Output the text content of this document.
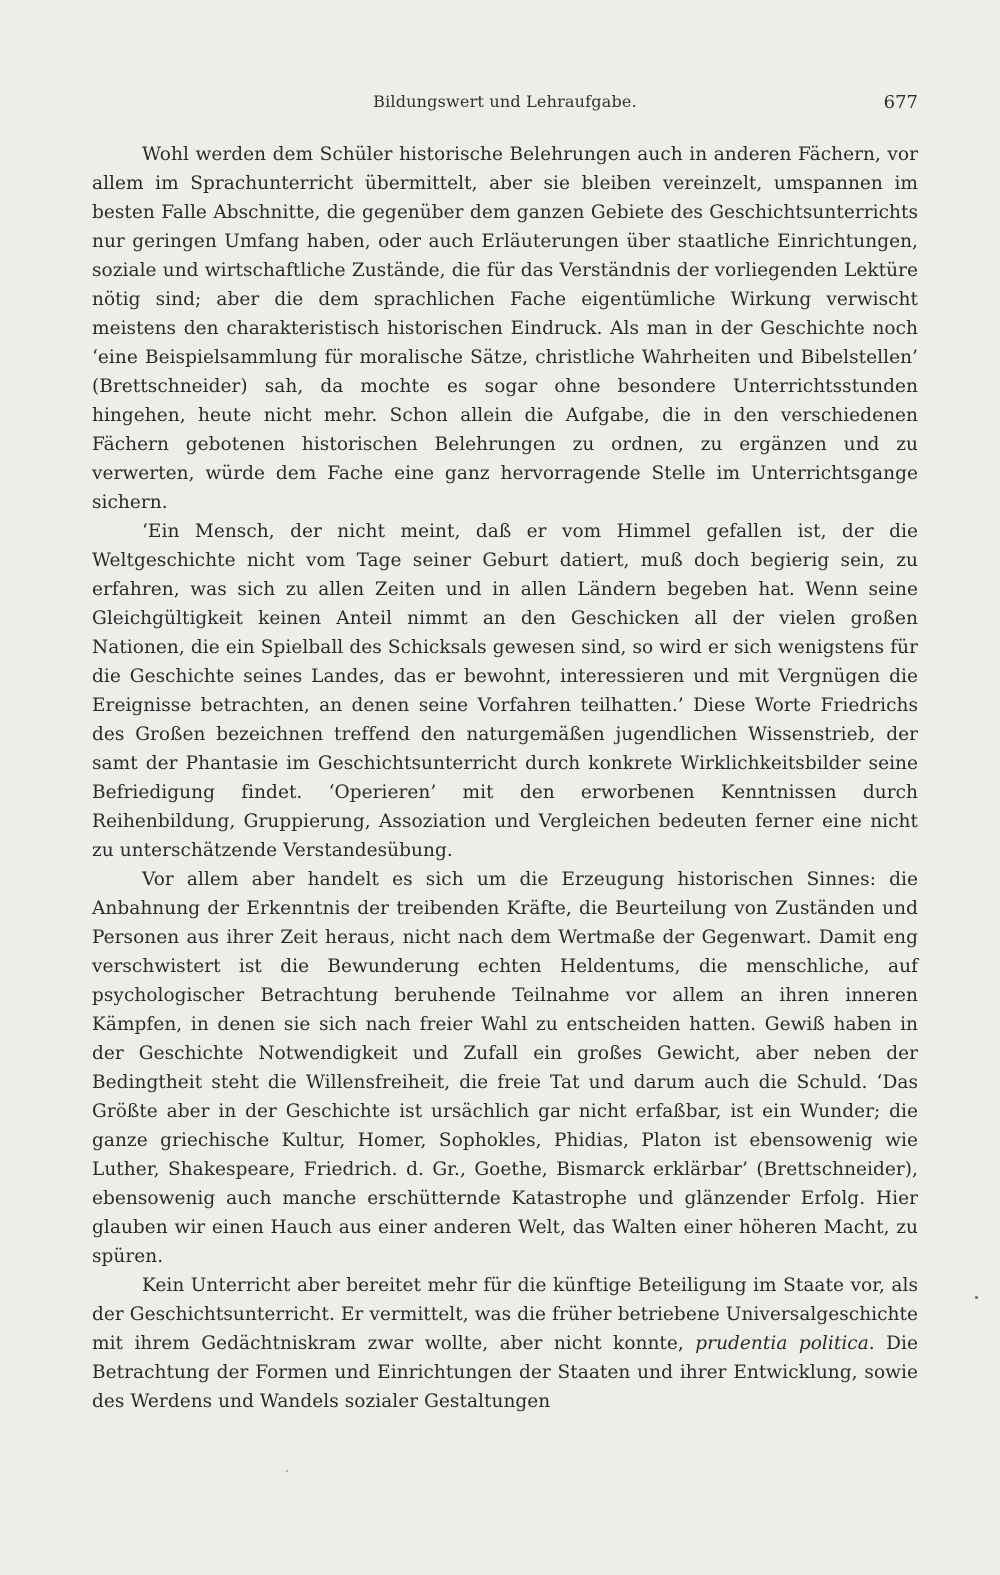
Bildungswert und Lehraufgabe.	677

Wohl werden dem Schüler historische Belehrungen auch in anderen Fächern, vor allem im Sprachunterricht übermittelt, aber sie bleiben vereinzelt, umspannen im besten Falle Abschnitte, die gegenüber dem ganzen Gebiete des Geschichtsunterrichts nur geringen Umfang haben, oder auch Erläuterungen über staatliche Einrichtungen, soziale und wirtschaftliche Zustände, die für das Verständnis der vorliegenden Lektüre nötig sind; aber die dem sprachlichen Fache eigentümliche Wirkung verwischt meistens den charakteristisch historischen Eindruck. Als man in der Geschichte noch ‘eine Beispielsammlung für moralische Sätze, christliche Wahrheiten und Bibelstellen’ (Brettschneider) sah, da mochte es sogar ohne besondere Unterrichtsstunden hingehen, heute nicht mehr. Schon allein die Aufgabe, die in den verschiedenen Fächern gebotenen historischen Belehrungen zu ordnen, zu ergänzen und zu verwerten, würde dem Fache eine ganz hervorragende Stelle im Unterrichtsgange sichern.

‘Ein Mensch, der nicht meint, daß er vom Himmel gefallen ist, der die Weltgeschichte nicht vom Tage seiner Geburt datiert, muß doch begierig sein, zu erfahren, was sich zu allen Zeiten und in allen Ländern begeben hat. Wenn seine Gleichgültigkeit keinen Anteil nimmt an den Geschicken all der vielen großen Nationen, die ein Spielball des Schicksals gewesen sind, so wird er sich wenigstens für die Geschichte seines Landes, das er bewohnt, interessieren und mit Vergnügen die Ereignisse betrachten, an denen seine Vorfahren teilhatten.’ Diese Worte Friedrichs des Großen bezeichnen treffend den naturgemäßen jugendlichen Wissenstrieb, der samt der Phantasie im Geschichtsunterricht durch konkrete Wirklichkeitsbilder seine Befriedigung findet. ‘Operieren’ mit den erworbenen Kenntnissen durch Reihenbildung, Gruppierung, Assoziation und Vergleichen bedeuten ferner eine nicht zu unterschätzende Verstandesübung.

Vor allem aber handelt es sich um die Erzeugung historischen Sinnes: die Anbahnung der Erkenntnis der treibenden Kräfte, die Beurteilung von Zuständen und Personen aus ihrer Zeit heraus, nicht nach dem Wertmaße der Gegenwart. Damit eng verschwistert ist die Bewunderung echten Heldentums, die menschliche, auf psychologischer Betrachtung beruhende Teilnahme vor allem an ihren inneren Kämpfen, in denen sie sich nach freier Wahl zu entscheiden hatten. Gewiß haben in der Geschichte Notwendigkeit und Zufall ein großes Gewicht, aber neben der Bedingtheit steht die Willensfreiheit, die freie Tat und darum auch die Schuld. ‘Das Größte aber in der Geschichte ist ursächlich gar nicht erfaßbar, ist ein Wunder; die ganze griechische Kultur, Homer, Sophokles, Phidias, Platon ist ebensowenig wie Luther, Shakespeare, Friedrich. d. Gr., Goethe, Bismarck erklärbar’ (Brettschneider), ebensowenig auch manche erschütternde Katastrophe und glänzender Erfolg. Hier glauben wir einen Hauch aus einer anderen Welt, das Walten einer höheren Macht, zu spüren.

Kein Unterricht aber bereitet mehr für die künftige Beteiligung im Staate vor, als der Geschichtsunterricht. Er vermittelt, was die früher betriebene Universalgeschichte mit ihrem Gedächtniskram zwar wollte, aber nicht konnte, prudentia politica. Die Betrachtung der Formen und Einrichtungen der Staaten und ihrer Entwicklung, sowie des Werdens und Wandels sozialer Gestaltungen
